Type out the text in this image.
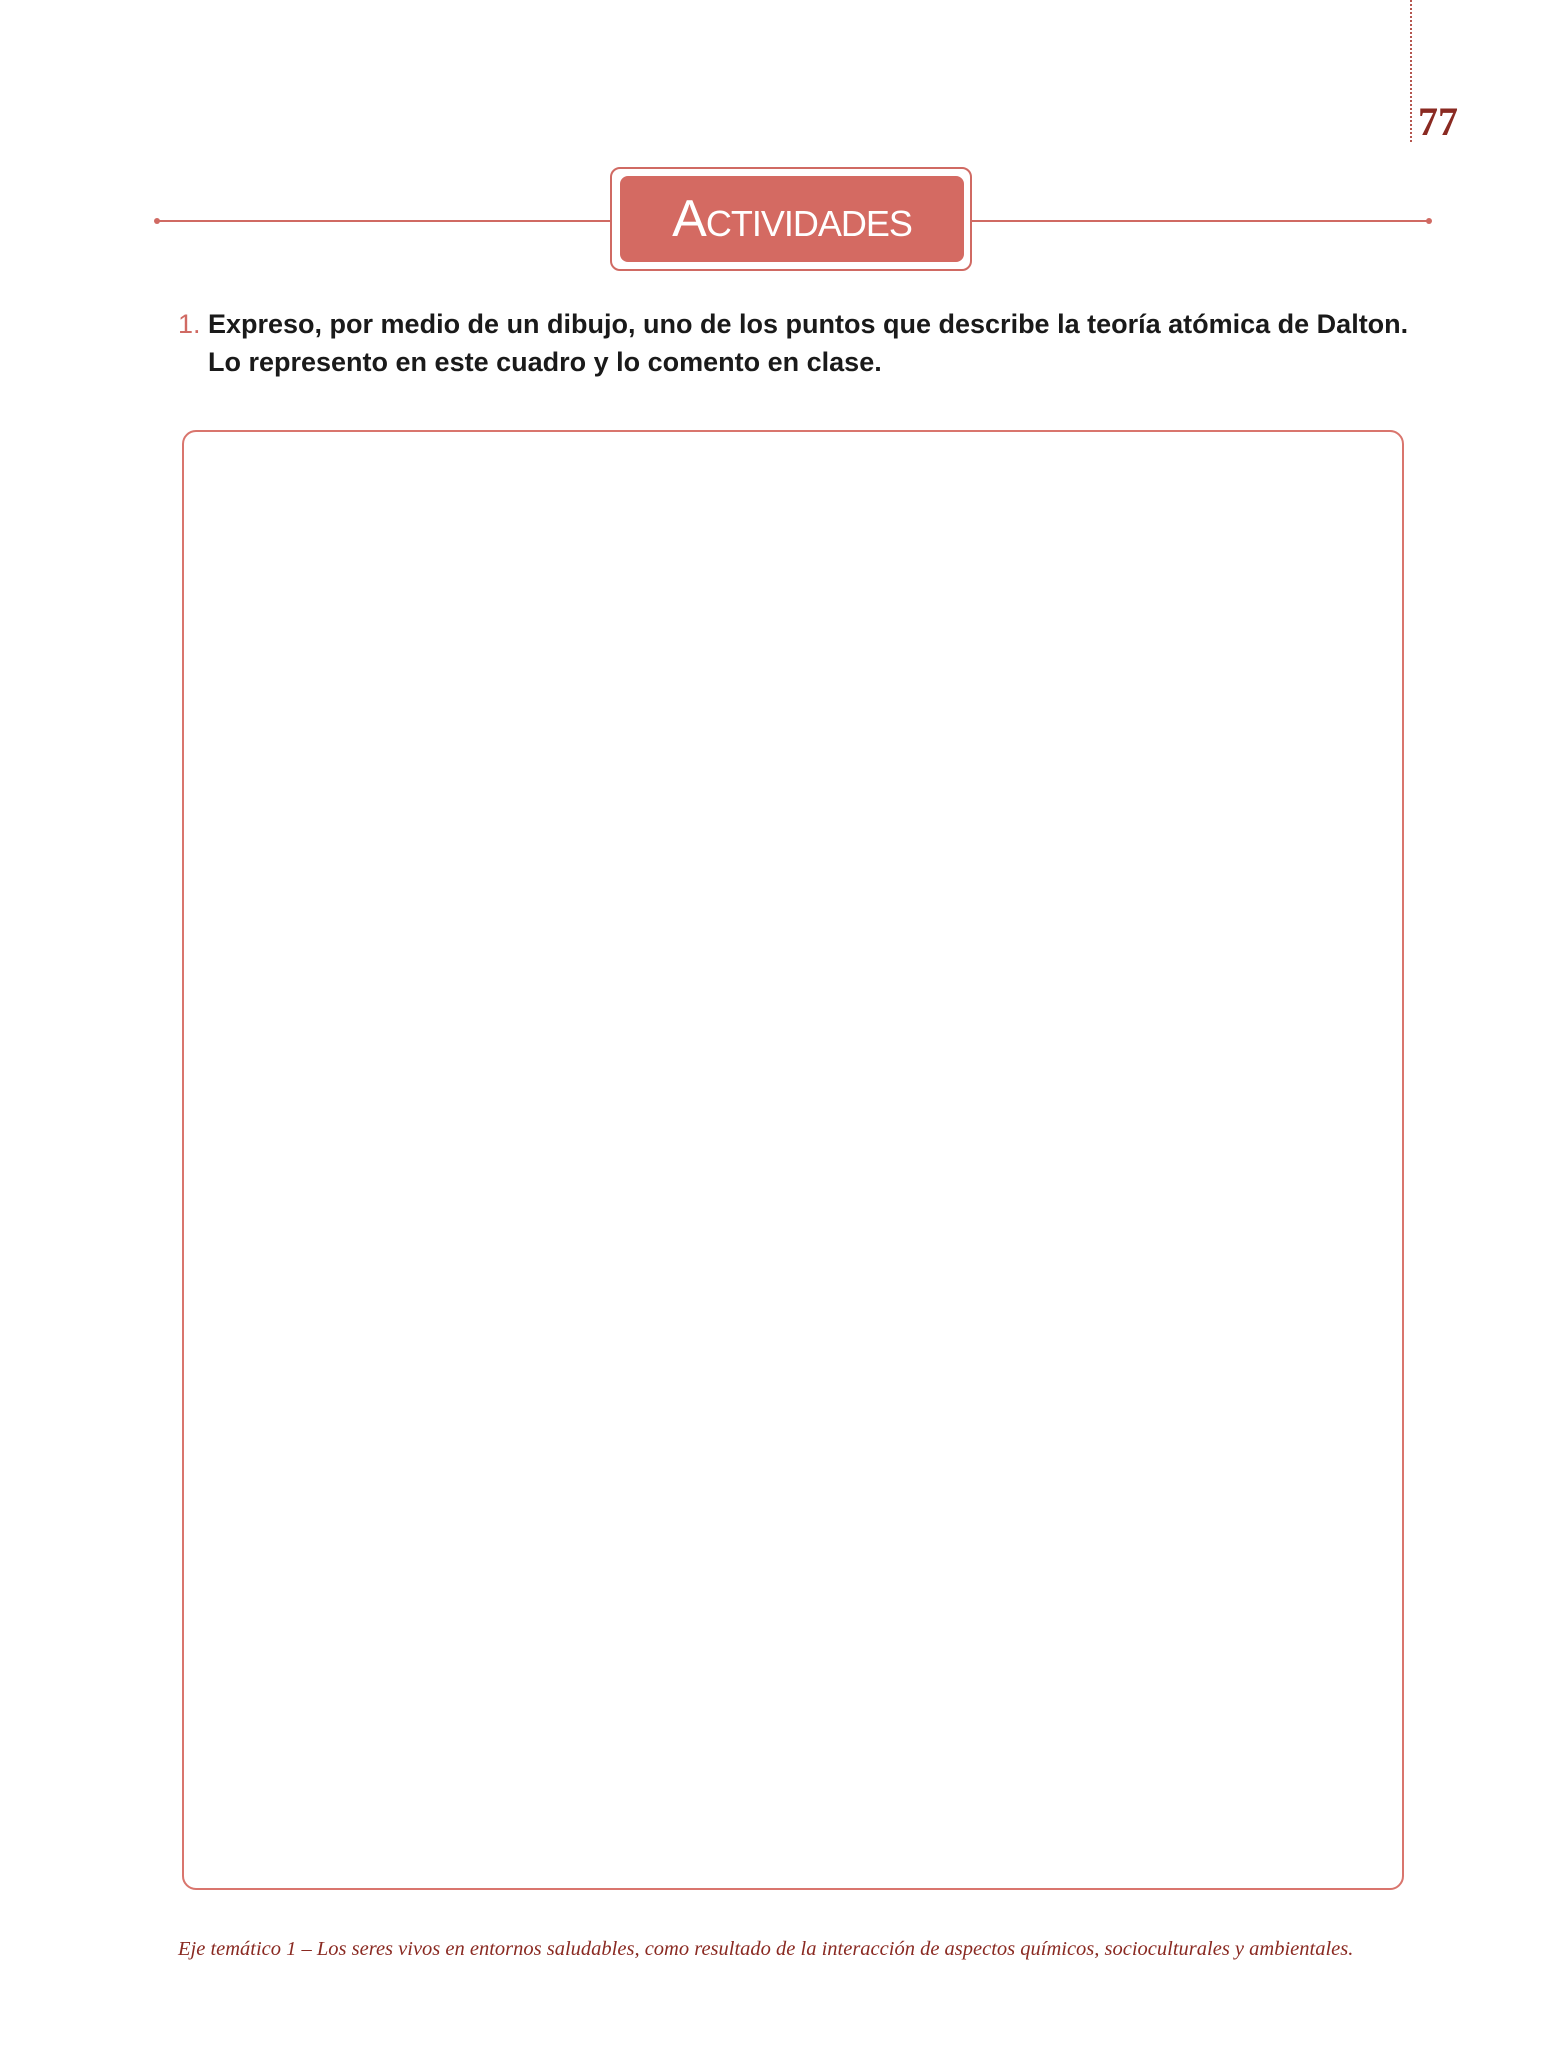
77
Actividades
1. Expreso, por medio de un dibujo, uno de los puntos que describe la teoría atómica de Dalton.
Lo represento en este cuadro y lo comento en clase.
Eje temático 1 – Los seres vivos en entornos saludables, como resultado de la interacción de aspectos químicos, socioculturales y ambientales.
